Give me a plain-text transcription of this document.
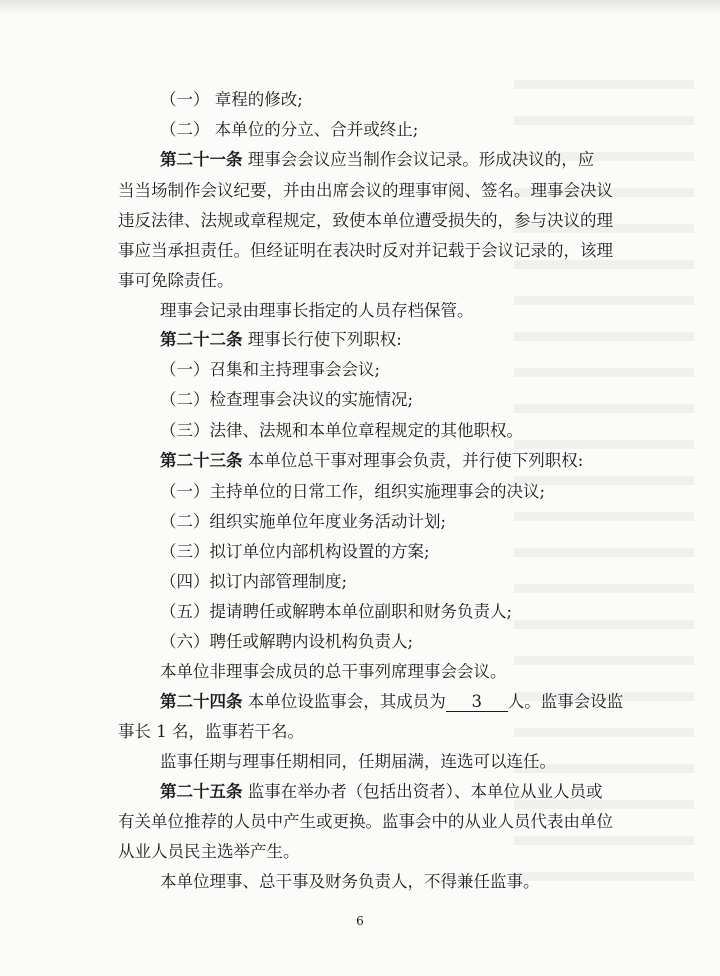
（一） 章程的修改;
（二） 本单位的分立、合并或终止;
第二十一条 理事会会议应当制作会议记录。形成决议的，应
当当场制作会议纪要，并由出席会议的理事审阅、签名。理事会决议
违反法律、法规或章程规定，致使本单位遭受损失的，参与决议的理
事应当承担责任。但经证明在表决时反对并记载于会议记录的，该理
事可免除责任。
理事会记录由理事长指定的人员存档保管。
第二十二条 理事长行使下列职权:
（一）召集和主持理事会会议;
（二）检查理事会决议的实施情况;
（三）法律、法规和本单位章程规定的其他职权。
第二十三条 本单位总干事对理事会负责，并行使下列职权:
（一）主持单位的日常工作，组织实施理事会的决议;
（二）组织实施单位年度业务活动计划;
（三）拟订单位内部机构设置的方案;
（四）拟订内部管理制度;
（五）提请聘任或解聘本单位副职和财务负责人;
（六）聘任或解聘内设机构负责人;
本单位非理事会成员的总干事列席理事会会议。
第二十四条 本单位设监事会，其成员为 3 人。监事会设监
事长 1 名，监事若干名。
监事任期与理事任期相同，任期届满，连选可以连任。
第二十五条 监事在举办者（包括出资者）、本单位从业人员或
有关单位推荐的人员中产生或更换。监事会中的从业人员代表由单位
从业人员民主选举产生。
本单位理事、总干事及财务负责人，不得兼任监事。
6
